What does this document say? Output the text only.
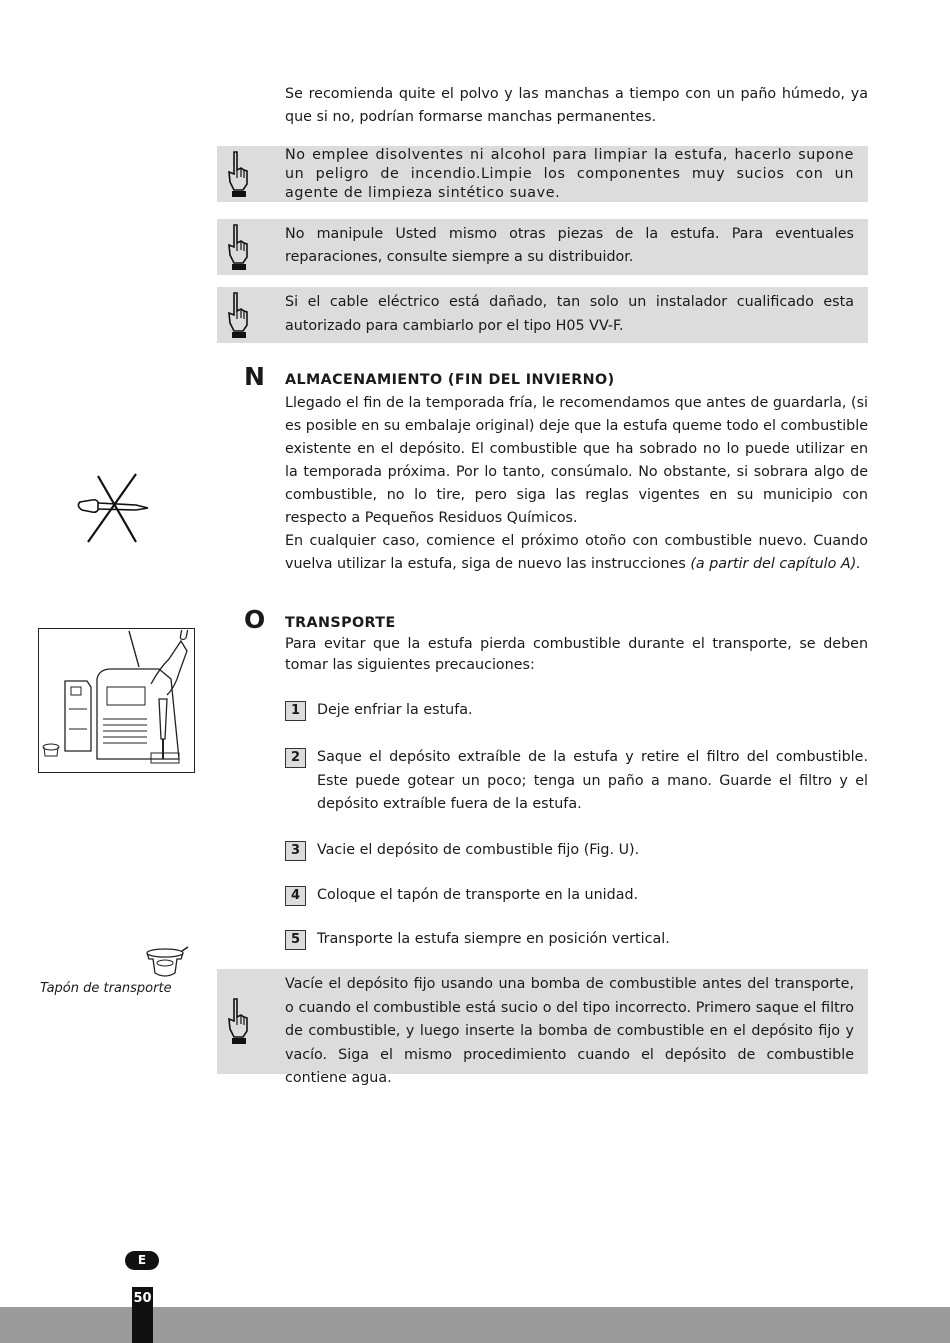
Se recomienda quite el polvo y las manchas a tiempo con un paño húmedo, ya que si no, podrían formarse manchas permanentes.

No emplee disolventes ni alcohol para limpiar la estufa, hacerlo supone un peligro de incendio.Limpie los componentes muy sucios con un agente de limpieza sintético suave.
No manipule Usted mismo otras piezas de la estufa. Para eventuales reparaciones, consulte siempre a su distribuidor.
Si el cable eléctrico está dañado, tan solo un instalador cualificado esta autorizado para cambiarlo por el tipo H05 VV-F.
N ALMACENAMIENTO (FIN DEL INVIERNO)

Llegado el fin de la temporada fría, le recomendamos que antes de guardarla, (si es posible en su embalaje original) deje que la estufa queme todo el combustible existente en el depósito. El combustible que ha sobrado no lo puede utilizar en la temporada próxima. Por lo tanto, consúmalo. No obstante, si sobrara algo de combustible, no lo tire, pero siga las reglas vigentes en su municipio con respecto a Pequeños Residuos Químicos.
En cualquier caso, comience el próximo otoño con combustible nuevo. Cuando vuelva utilizar la estufa, siga de nuevo las instrucciones (a partir del capítulo A).

O TRANSPORTE

Para evitar que la estufa pierda combustible durante el transporte, se deben tomar las siguientes precauciones:

U
1	Deje enfriar la estufa.
2	Saque el depósito extraíble de la estufa y retire el filtro del combustible. Este puede gotear un poco; tenga un paño a mano. Guarde el filtro y el depósito extraíble fuera de la estufa.
3	Vacie el depósito de combustible fijo (Fig. U).
4	Coloque el tapón de transporte en la unidad.
5	Transporte la estufa siempre en posición vertical.
Tapón de transporte	Vacíe el depósito fijo usando una bomba de combustible antes del transporte, o cuando el combustible está sucio o del tipo incorrecto. Primero saque el filtro de combustible, y luego inserte la bomba de combustible en el depósito fijo y vacío. Siga el mismo procedimiento cuando el depósito de combustible contiene agua.
E
50
